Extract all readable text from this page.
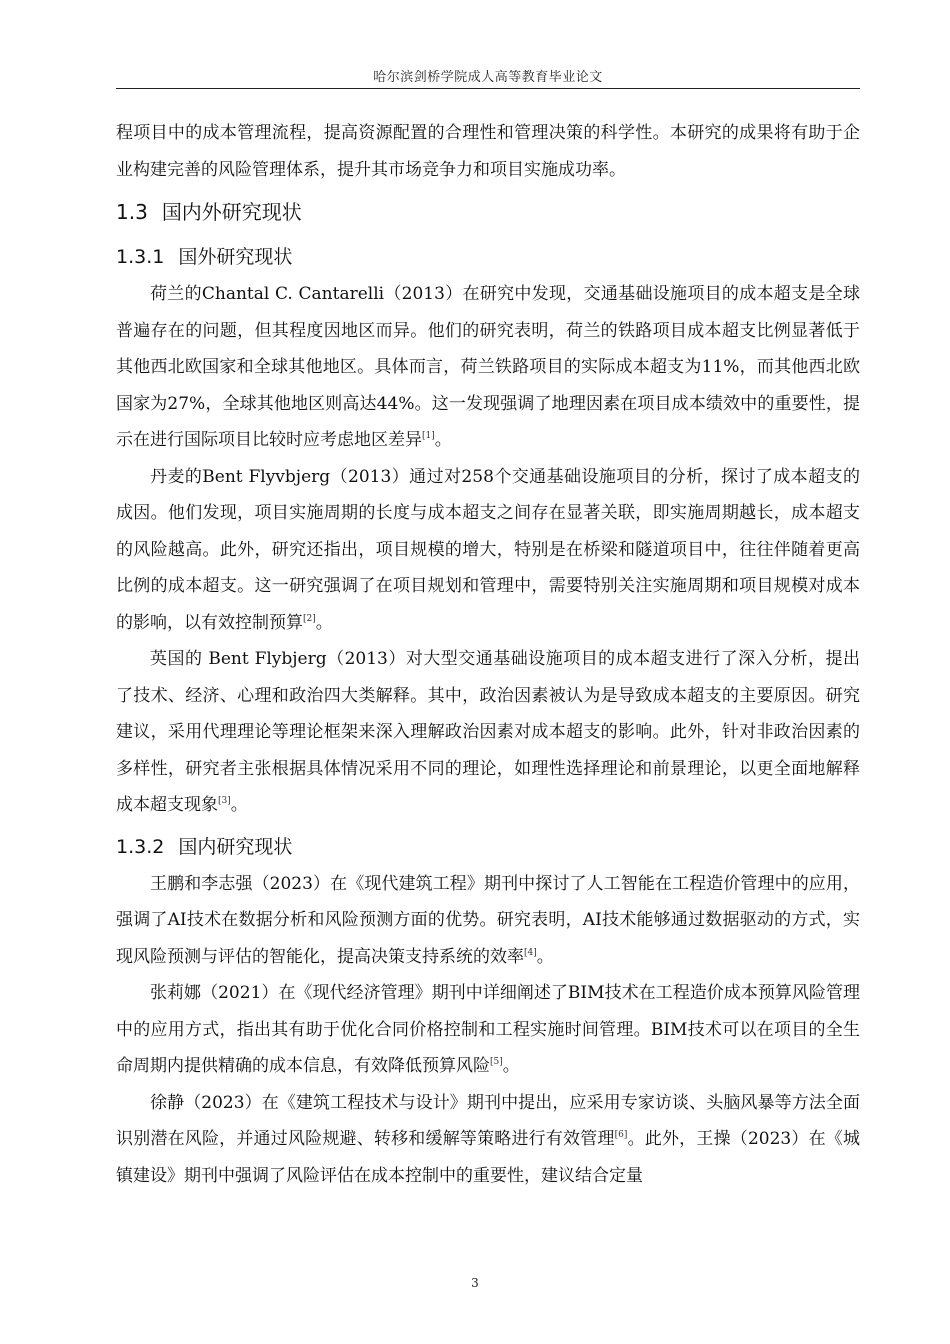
哈尔滨剑桥学院成人高等教育毕业论文

程项目中的成本管理流程，提高资源配置的合理性和管理决策的科学性。本研究的成果将有助于企业构建完善的风险管理体系，提升其市场竞争力和项目实施成功率。

1.3 国内外研究现状
1.3.1 国外研究现状

荷兰的Chantal C. Cantarelli（2013）在研究中发现，交通基础设施项目的成本超支是全球普遍存在的问题，但其程度因地区而异。他们的研究表明，荷兰的铁路项目成本超支比例显著低于其他西北欧国家和全球其他地区。具体而言，荷兰铁路项目的实际成本超支为11%，而其他西北欧国家为27%，全球其他地区则高达44%。这一发现强调了地理因素在项目成本绩效中的重要性，提示在进行国际项目比较时应考虑地区差异[1]。

丹麦的Bent Flyvbjerg（2013）通过对258个交通基础设施项目的分析，探讨了成本超支的成因。他们发现，项目实施周期的长度与成本超支之间存在显著关联，即实施周期越长，成本超支的风险越高。此外，研究还指出，项目规模的增大，特别是在桥梁和隧道项目中，往往伴随着更高比例的成本超支。这一研究强调了在项目规划和管理中，需要特别关注实施周期和项目规模对成本的影响，以有效控制预算[2]。

英国的 Bent Flybjerg（2013）对大型交通基础设施项目的成本超支进行了深入分析，提出了技术、经济、心理和政治四大类解释。其中，政治因素被认为是导致成本超支的主要原因。研究建议，采用代理理论等理论框架来深入理解政治因素对成本超支的影响。此外，针对非政治因素的多样性，研究者主张根据具体情况采用不同的理论，如理性选择理论和前景理论，以更全面地解释成本超支现象[3]。

1.3.2 国内研究现状

王鹏和李志强（2023）在《现代建筑工程》期刊中探讨了人工智能在工程造价管理中的应用，强调了AI技术在数据分析和风险预测方面的优势。研究表明，AI技术能够通过数据驱动的方式，实现风险预测与评估的智能化，提高决策支持系统的效率[4]。

张莉娜（2021）在《现代经济管理》期刊中详细阐述了BIM技术在工程造价成本预算风险管理中的应用方式，指出其有助于优化合同价格控制和工程实施时间管理。BIM技术可以在项目的全生命周期内提供精确的成本信息，有效降低预算风险[5]。

徐静（2023）在《建筑工程技术与设计》期刊中提出，应采用专家访谈、头脑风暴等方法全面识别潜在风险，并通过风险规避、转移和缓解等策略进行有效管理[6]。此外，王操（2023）在《城镇建设》期刊中强调了风险评估在成本控制中的重要性，建议结合定量

3
